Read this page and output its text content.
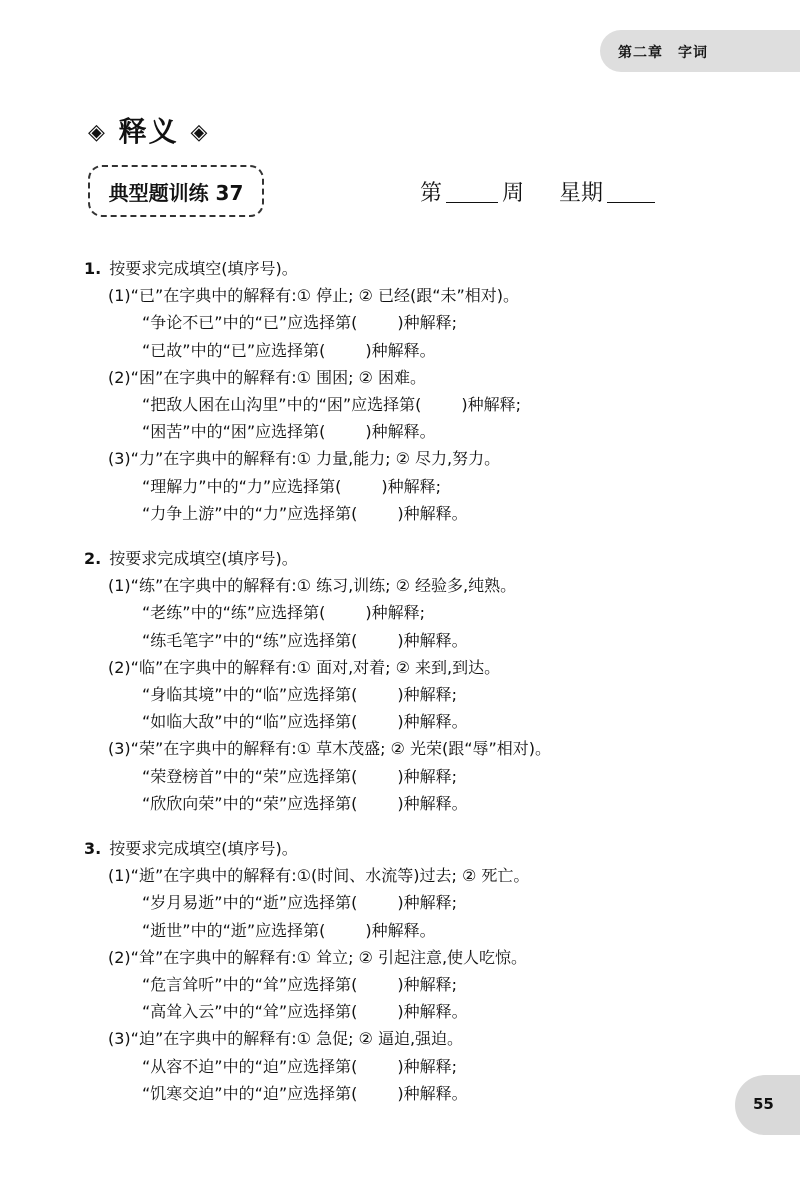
第二章　字词
◈ 释义 ◈
典型题训练 37	第	周 星期
1. 按要求完成填空(填序号)。
(1)“已”在字典中的解释有:① 停止; ② 已经(跟“未”相对)。
“争论不已”中的“已”应选择第(	)种解释;
“已故”中的“已”应选择第(	)种解释。
(2)“困”在字典中的解释有:① 围困; ② 困难。
“把敌人困在山沟里”中的“困”应选择第(	)种解释;
“困苦”中的“困”应选择第(	)种解释。
(3)“力”在字典中的解释有:① 力量,能力; ② 尽力,努力。
“理解力”中的“力”应选择第(	)种解释;
“力争上游”中的“力”应选择第(	)种解释。
2. 按要求完成填空(填序号)。
(1)“练”在字典中的解释有:① 练习,训练; ② 经验多,纯熟。
“老练”中的“练”应选择第(	)种解释;
“练毛笔字”中的“练”应选择第(	)种解释。
(2)“临”在字典中的解释有:① 面对,对着; ② 来到,到达。
“身临其境”中的“临”应选择第(	)种解释;
“如临大敌”中的“临”应选择第(	)种解释。
(3)“荣”在字典中的解释有:① 草木茂盛; ② 光荣(跟“辱”相对)。
“荣登榜首”中的“荣”应选择第(	)种解释;
“欣欣向荣”中的“荣”应选择第(	)种解释。
3. 按要求完成填空(填序号)。
(1)“逝”在字典中的解释有:①(时间、水流等)过去; ② 死亡。
“岁月易逝”中的“逝”应选择第(	)种解释;
“逝世”中的“逝”应选择第(	)种解释。
(2)“耸”在字典中的解释有:① 耸立; ② 引起注意,使人吃惊。
“危言耸听”中的“耸”应选择第(	)种解释;
“高耸入云”中的“耸”应选择第(	)种解释。
(3)“迫”在字典中的解释有:① 急促; ② 逼迫,强迫。
“从容不迫”中的“迫”应选择第(	)种解释;
“饥寒交迫”中的“迫”应选择第(	)种解释。
55
